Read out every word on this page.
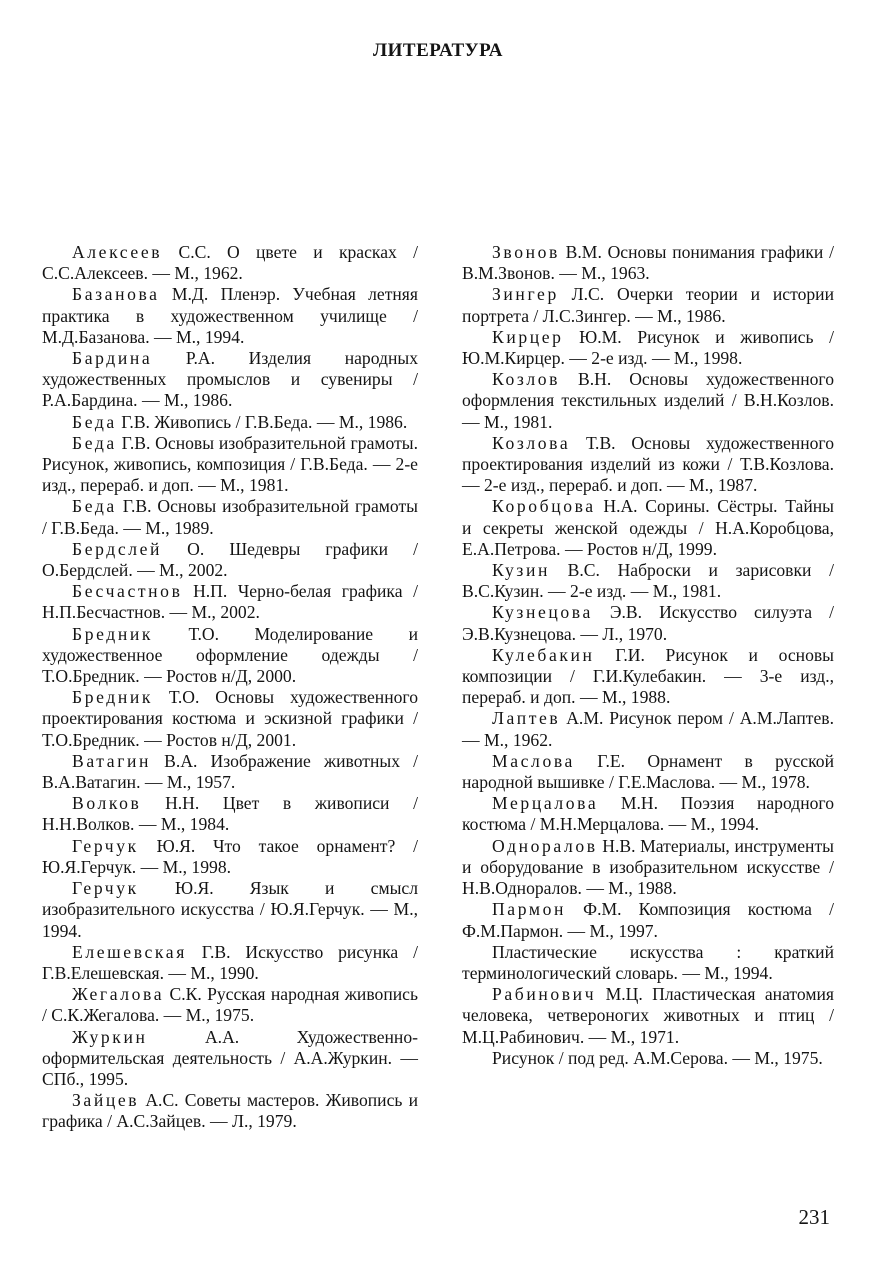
ЛИТЕРАТУРА

Алексеев С.С. О цвете и красках / С.С.Алексеев. — М., 1962.

Базанова М.Д. Пленэр. Учебная летняя практика в художественном училище / М.Д.Базанова. — М., 1994.

Бардина Р.А. Изделия народных художественных промыслов и сувениры / Р.А.Бардина. — М., 1986.

Беда Г.В. Живопись / Г.В.Беда. — М., 1986.

Беда Г.В. Основы изобразительной грамоты. Рисунок, живопись, композиция / Г.В.Беда. — 2-е изд., перераб. и доп. — М., 1981.

Беда Г.В. Основы изобразительной грамоты / Г.В.Беда. — М., 1989.

Бердслей О. Шедевры графики / О.Бердслей. — М., 2002.

Бесчастнов Н.П. Черно-белая графика / Н.П.Бесчастнов. — М., 2002.

Бредник Т.О. Моделирование и художественное оформление одежды / Т.О.Бредник. — Ростов н/Д, 2000.

Бредник Т.О. Основы художественного проектирования костюма и эскизной графики / Т.О.Бредник. — Ростов н/Д, 2001.

Ватагин В.А. Изображение животных / В.А.Ватагин. — М., 1957.

Волков Н.Н. Цвет в живописи / Н.Н.Волков. — М., 1984.

Герчук Ю.Я. Что такое орнамент? / Ю.Я.Герчук. — М., 1998.

Герчук Ю.Я. Язык и смысл изобразительного искусства / Ю.Я.Герчук. — М., 1994.

Елешевская Г.В. Искусство рисунка / Г.В.Елешевская. — М., 1990.

Жегалова С.К. Русская народная живопись / С.К.Жегалова. — М., 1975.

Журкин А.А. Художественно-оформительская деятельность / А.А.Журкин. — СПб., 1995.

Зайцев А.С. Советы мастеров. Живопись и графика / А.С.Зайцев. — Л., 1979.

Звонов В.М. Основы понимания графики / В.М.Звонов. — М., 1963.

Зингер Л.С. Очерки теории и истории портрета / Л.С.Зингер. — М., 1986.

Кирцер Ю.М. Рисунок и живопись / Ю.М.Кирцер. — 2-е изд. — М., 1998.

Козлов В.Н. Основы художественного оформления текстильных изделий / В.Н.Козлов. — М., 1981.

Козлова Т.В. Основы художественного проектирования изделий из кожи / Т.В.Козлова. — 2-е изд., перераб. и доп. — М., 1987.

Коробцова Н.А. Сорины. Сёстры. Тайны и секреты женской одежды / Н.А.Коробцова, Е.А.Петрова. — Ростов н/Д, 1999.

Кузин В.С. Наброски и зарисовки / В.С.Кузин. — 2-е изд. — М., 1981.

Кузнецова Э.В. Искусство силуэта / Э.В.Кузнецова. — Л., 1970.

Кулебакин Г.И. Рисунок и основы композиции / Г.И.Кулебакин. — 3-е изд., перераб. и доп. — М., 1988.

Лаптев А.М. Рисунок пером / А.М.Лаптев. — М., 1962.

Маслова Г.Е. Орнамент в русской народной вышивке / Г.Е.Маслова. — М., 1978.

Мерцалова М.Н. Поэзия народного костюма / М.Н.Мерцалова. — М., 1994.

Одноралов Н.В. Материалы, инструменты и оборудование в изобразительном искусстве / Н.В.Одноралов. — М., 1988.

Пармон Ф.М. Композиция костюма / Ф.М.Пармон. — М., 1997.

Пластические искусства : краткий терминологический словарь. — М., 1994.

Рабинович М.Ц. Пластическая анатомия человека, четвероногих животных и птиц / М.Ц.Рабинович. — М., 1971.

Рисунок / под ред. А.М.Серова. — М., 1975.

231
